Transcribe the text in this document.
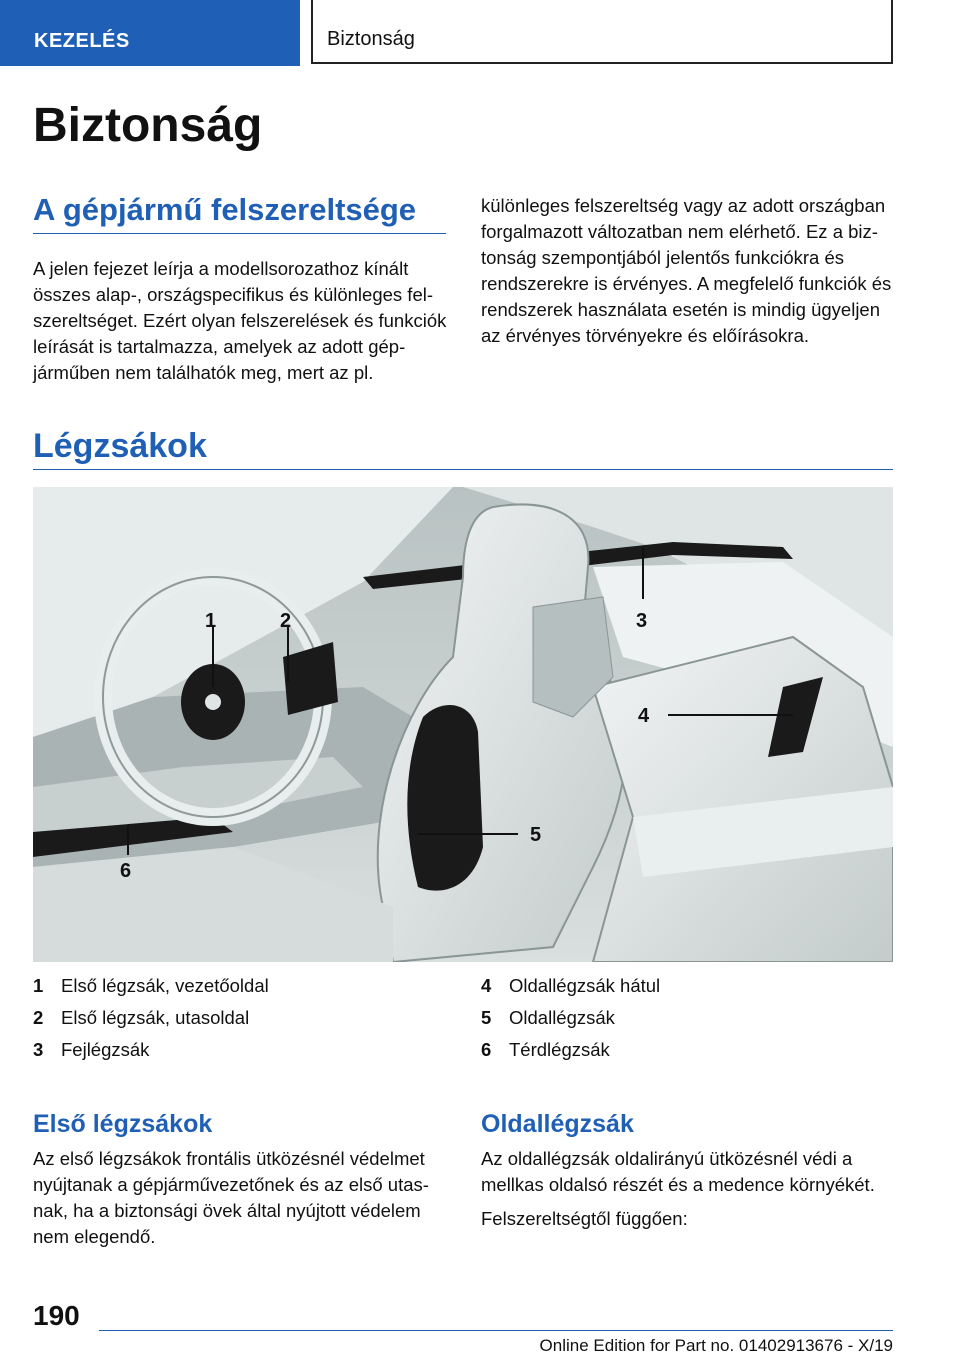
KEZELÉS	Biztonság
Biztonság
A gépjármű felszereltsége

A jelen fejezet leírja a modellsorozathoz kínált összes alap-, országspecifikus és különleges felszereltséget. Ezért olyan felszerelések és funkciók leírását is tartalmazza, amelyek az adott gépjárműben nem találhatók meg, mert az pl.

különleges felszereltség vagy az adott országban forgalmazott változatban nem elérhető. Ez a biztonság szempontjából jelentős funkciókra és rendszerekre is érvényes. A megfelelő funkciók és rendszerek használata esetén is mindig ügyeljen az érvényes törvényekre és előírásokra.

Légzsákok
1	2	3
4
5
6
1 Első légzsák, vezetőoldal
2 Első légzsák, utasoldal
3 Fejlégzsák
4 Oldallégzsák hátul
5 Oldallégzsák
6 Térdlégzsák
Első légzsákok

Az első légzsákok frontális ütközésnél védelmet nyújtanak a gépjárművezetőnek és az első utasnak, ha a biztonsági övek által nyújtott védelem nem elegendő.

Oldallégzsák

Az oldallégzsák oldalirányú ütközésnél védi a mellkas oldalsó részét és a medence környékét.

Felszereltségtől függően:

190
Online Edition for Part no. 01402913676 - X/19
